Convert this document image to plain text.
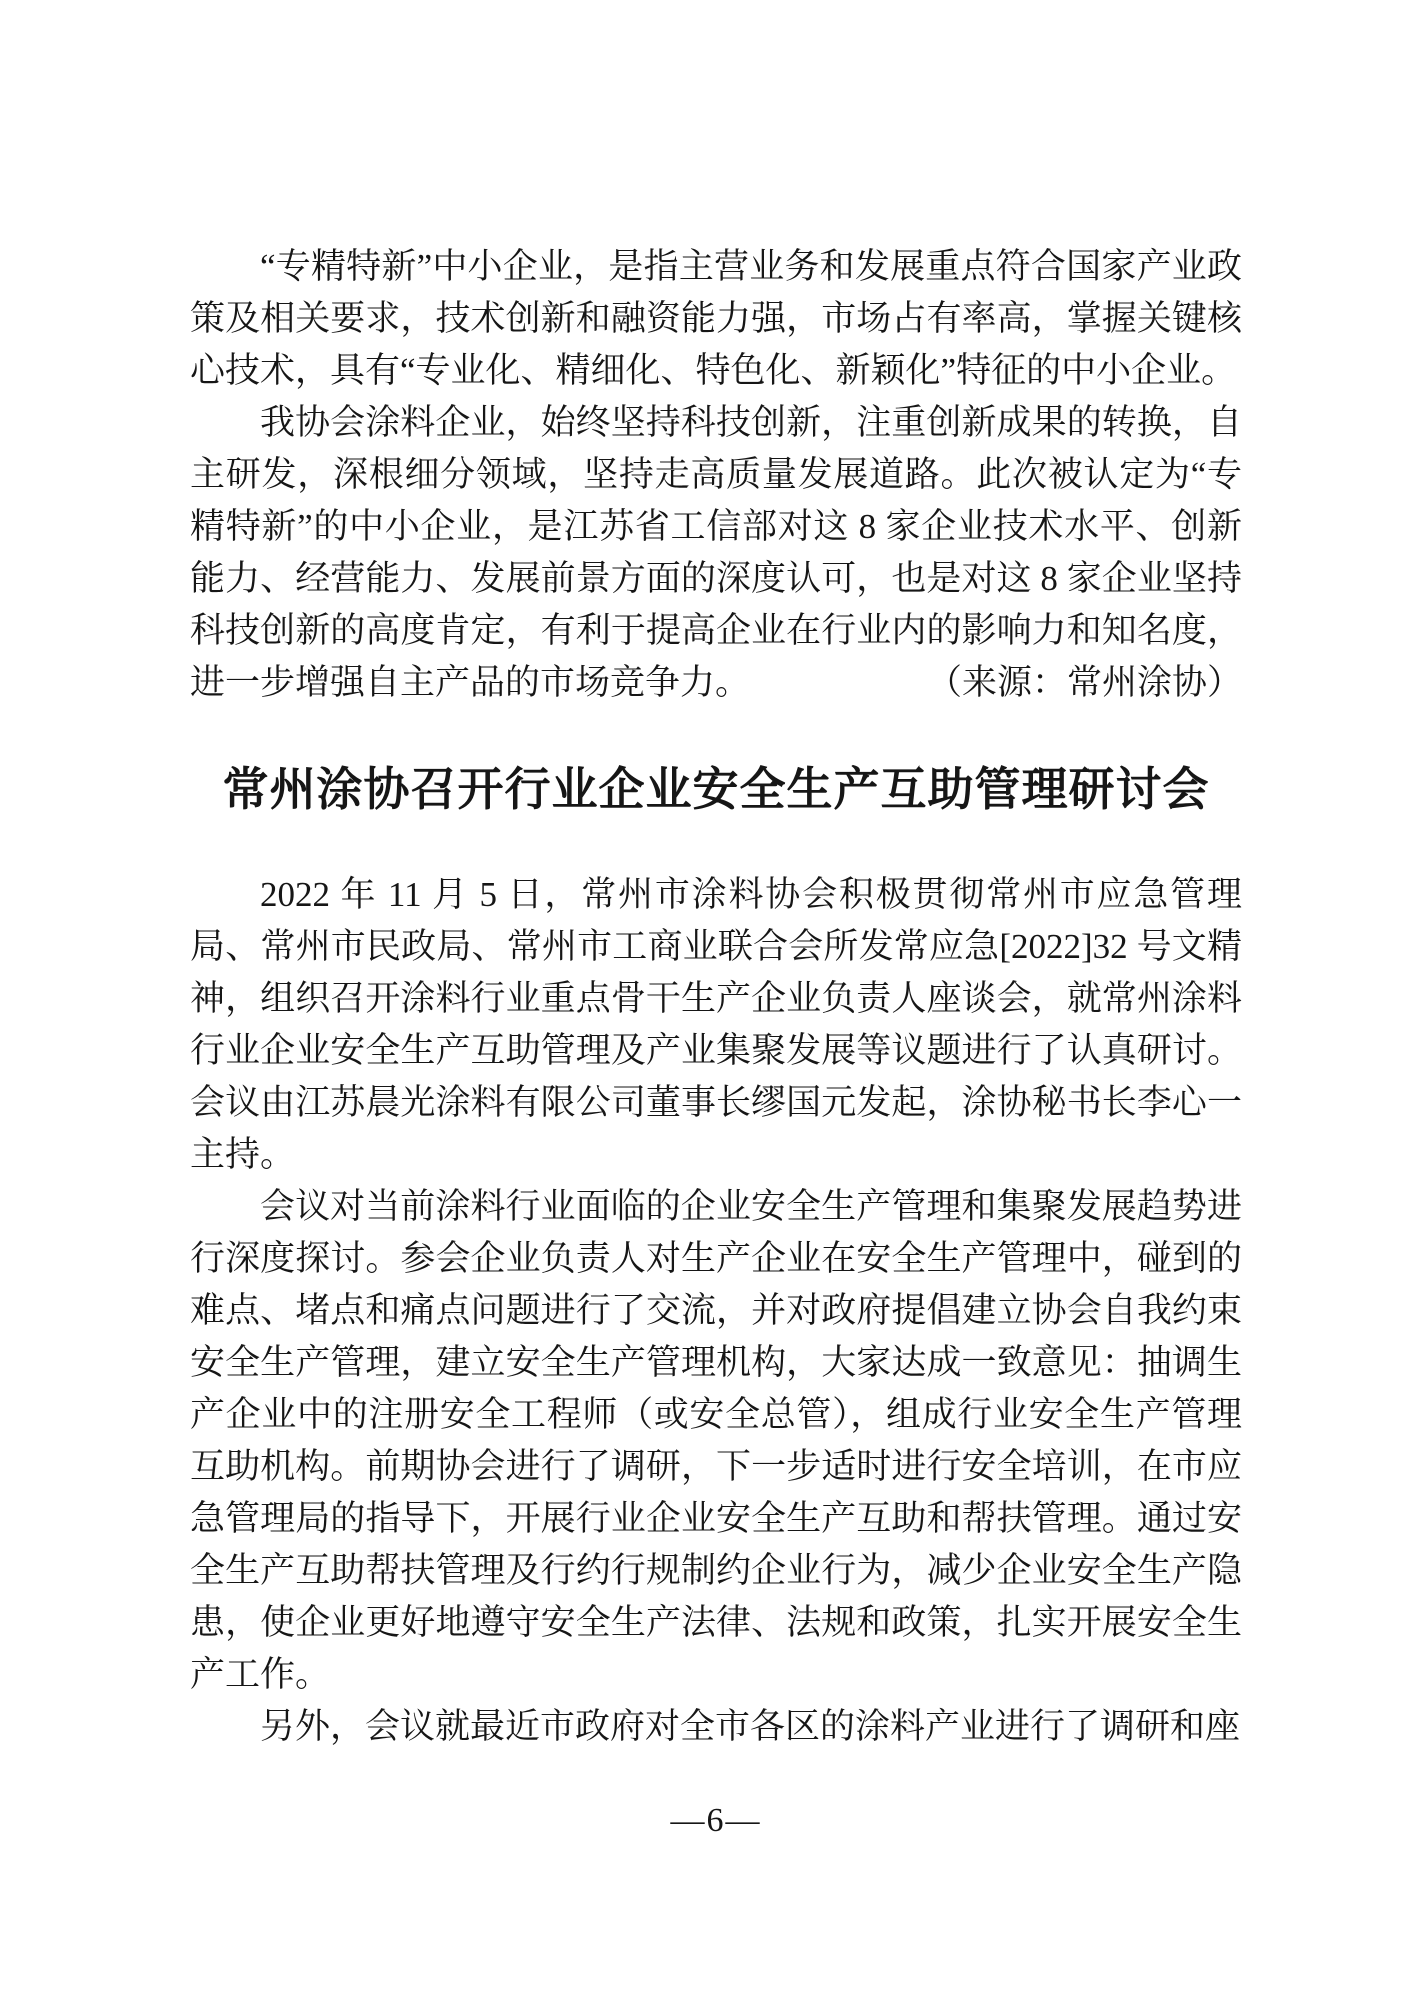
“专精特新”中小企业，是指主营业务和发展重点符合国家产业政策及相关要求，技术创新和融资能力强，市场占有率高，掌握关键核心技术，具有“专业化、精细化、特色化、新颖化”特征的中小企业。

我协会涂料企业，始终坚持科技创新，注重创新成果的转换，自主研发，深根细分领域，坚持走高质量发展道路。此次被认定为“专精特新”的中小企业，是江苏省工信部对这 8 家企业技术水平、创新能力、经营能力、发展前景方面的深度认可，也是对这 8 家企业坚持科技创新的高度肯定，有利于提高企业在行业内的影响力和知名度，进一步增强自主产品的市场竞争力。	（来源：常州涂协）

常州涂协召开行业企业安全生产互助管理研讨会

2022 年 11 月 5 日，常州市涂料协会积极贯彻常州市应急管理局、常州市民政局、常州市工商业联合会所发常应急[2022]32 号文精神，组织召开涂料行业重点骨干生产企业负责人座谈会，就常州涂料行业企业安全生产互助管理及产业集聚发展等议题进行了认真研讨。会议由江苏晨光涂料有限公司董事长缪国元发起，涂协秘书长李心一主持。

会议对当前涂料行业面临的企业安全生产管理和集聚发展趋势进行深度探讨。参会企业负责人对生产企业在安全生产管理中，碰到的难点、堵点和痛点问题进行了交流，并对政府提倡建立协会自我约束安全生产管理，建立安全生产管理机构，大家达成一致意见：抽调生产企业中的注册安全工程师（或安全总管），组成行业安全生产管理互助机构。前期协会进行了调研，下一步适时进行安全培训，在市应急管理局的指导下，开展行业企业安全生产互助和帮扶管理。通过安全生产互助帮扶管理及行约行规制约企业行为，减少企业安全生产隐患，使企业更好地遵守安全生产法律、法规和政策，扎实开展安全生产工作。

另外，会议就最近市政府对全市各区的涂料产业进行了调研和座

—6—
